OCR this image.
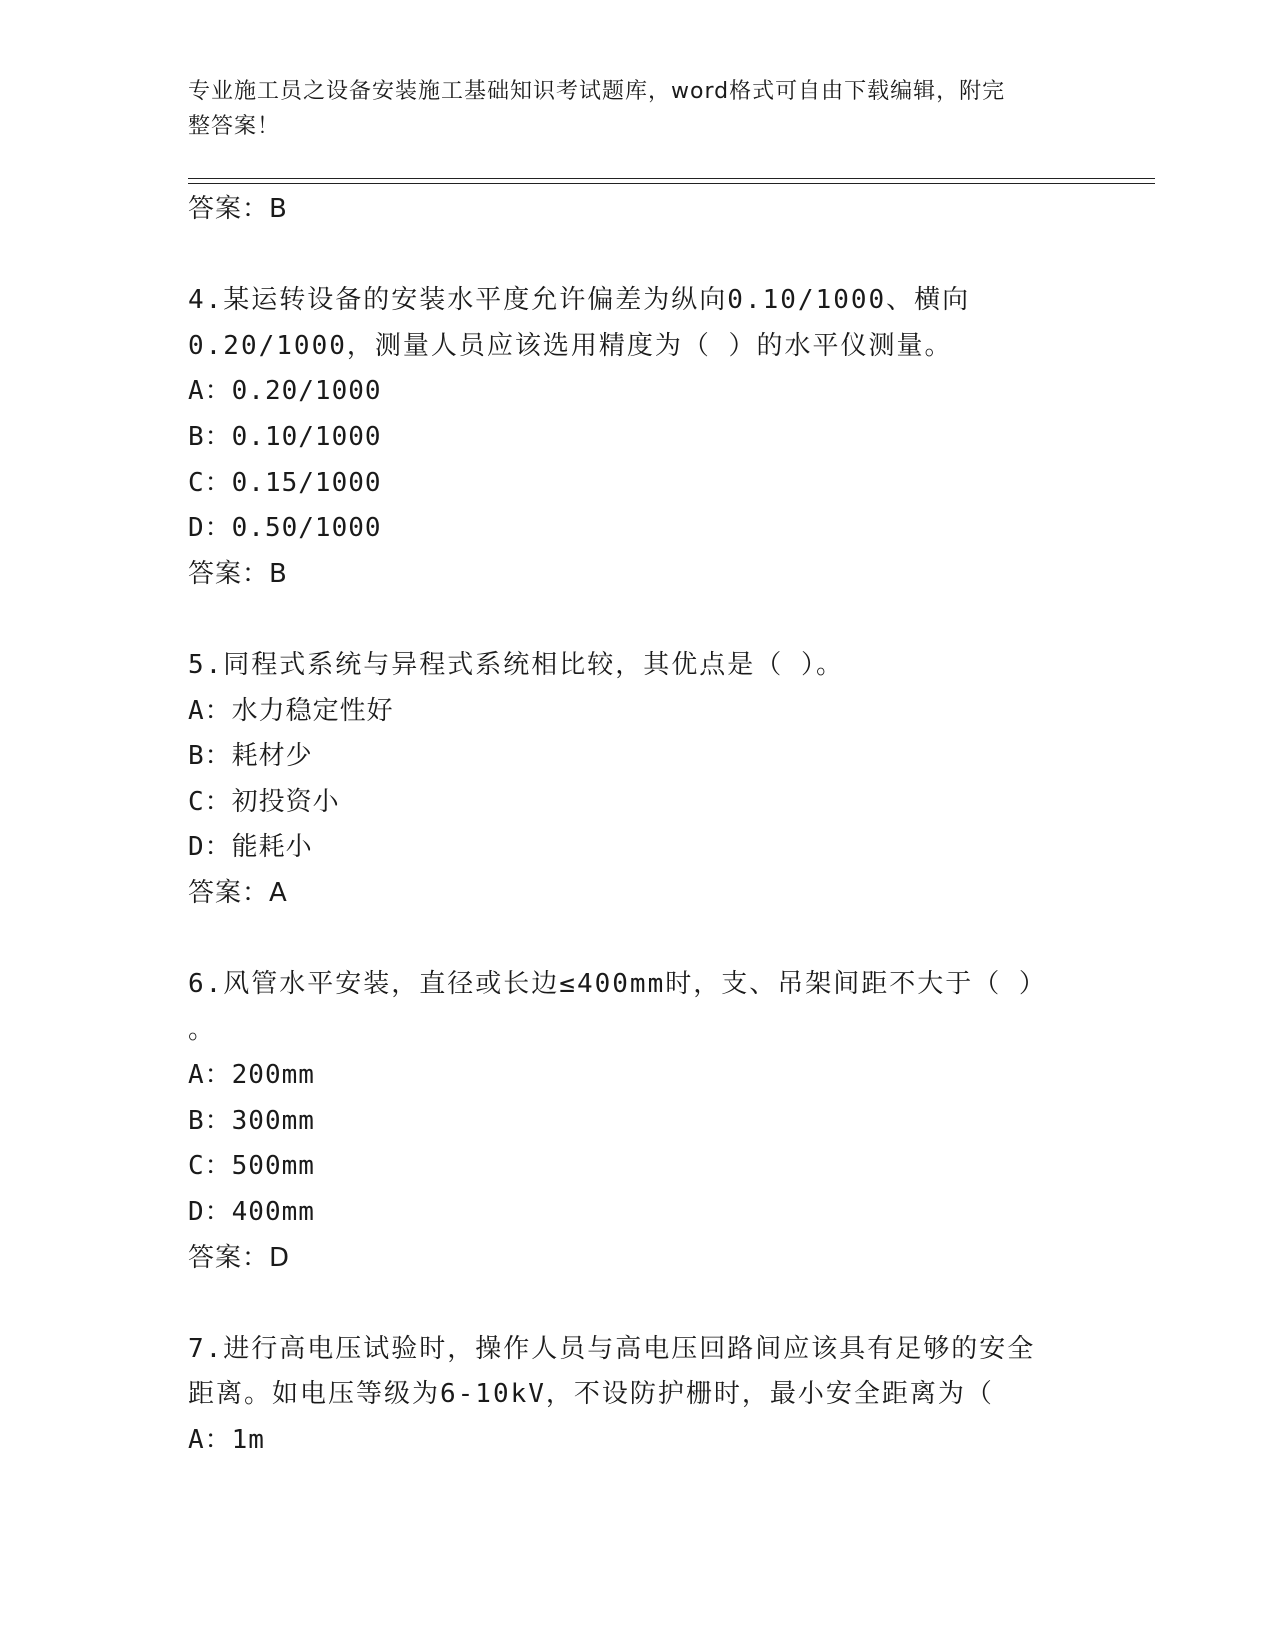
专业施工员之设备安装施工基础知识考试题库，word格式可自由下载编辑，附完
整答案！
答案：B
4.某运转设备的安装水平度允许偏差为纵向0.10/1000、横向
0.20/1000，测量人员应该选用精度为（ ）的水平仪测量。
A：0.20/1000
B：0.10/1000
C：0.15/1000
D：0.50/1000
答案：B
5.同程式系统与异程式系统相比较，其优点是（ ）。
A：水力稳定性好
B：耗材少
C：初投资小
D：能耗小
答案：A
6.风管水平安装，直径或长边≤400mm时，支、吊架间距不大于（ ）
。
A：200mm
B：300mm
C：500mm
D：400mm
答案：D
7.进行高电压试验时，操作人员与高电压回路间应该具有足够的安全
距离。如电压等级为6-10kV，不设防护栅时，最小安全距离为（
A：1m
